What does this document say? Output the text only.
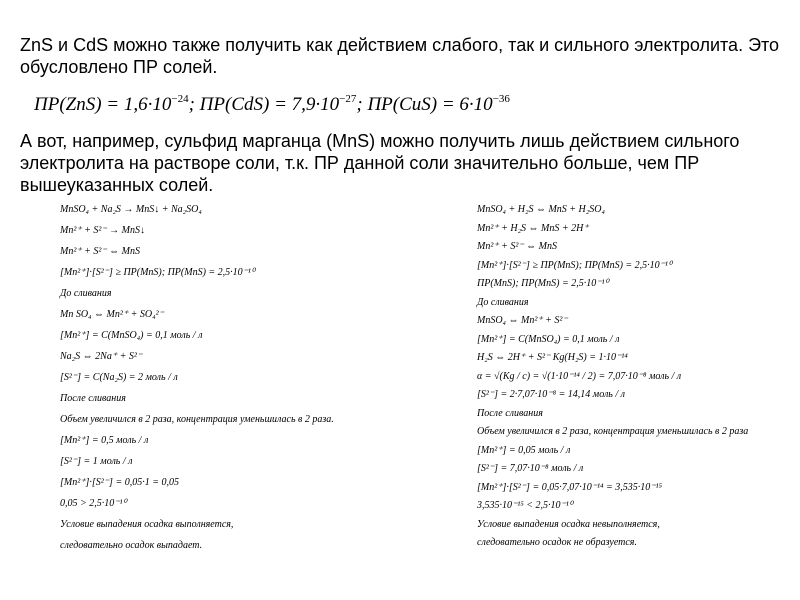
ZnS и CdS можно также получить как действием слабого, так и сильного электролита. Это обусловлено ПР солей.

$ПР(ZnS) = 1,6\cdot 10^{-24}$; $ПР(CdS) = 7,9\cdot 10^{-27}$; $ПР(CuS) = 6\cdot 10^{-36}$

А вот, например, сульфид марганца (MnS) можно получить лишь действием сильного электролита на растворе соли, т.к. ПР данной соли значительно больше, чем ПР вышеуказанных солей.

MnSO₄ + Na₂S → MnS↓ + Na₂SO₄
Mn²⁺ + S²⁻ → MnS↓
Mn²⁺ + S²⁻ ⇔ MnS
[Mn²⁺]·[S²⁻] ≥ ПР(MnS); ПР(MnS) = 2,5·10⁻¹⁰
До сливания
Mn SO₄ ⇔ Mn²⁺ + SO₄²⁻
[Mn²⁺] = C(MnSO₄) = 0,1 моль / л
Na₂S ⇔ 2Na⁺ + S²⁻
[S²⁻] = C(Na₂S) = 2 моль / л
После сливания
Объем увеличился в 2 раза, концентрация уменьшилась в 2 раза.
[Mn²⁺] = 0,5 моль / л
[S²⁻] = 1 моль / л
[Mn²⁺]·[S²⁻] = 0,05·1 = 0,05
0,05 > 2,5·10⁻¹⁰
Условие выпадения осадка выполняется,
следовательно осадок выпадает.
MnSO₄ + H₂S ⇔ MnS + H₂SO₄
Mn²⁺ + H₂S ⇔ MnS + 2H⁺
Mn²⁺ + S²⁻ ⇔ MnS
[Mn²⁺]·[S²⁻] ≥ ПР(MnS); ПР(MnS) = 2,5·10⁻¹⁰
ПР(MnS); ПР(MnS) = 2,5·10⁻¹⁰
До сливания
MnSO₄ ⇔ Mn²⁺ + S²⁻
[Mn²⁺] = C(MnSO₄) = 0,1 моль / л
H₂S ⇔ 2H⁺ + S²⁻ Kg(H₂S) = 1·10⁻¹⁴
α = √(Kg / c) = √(1·10⁻¹⁴ / 2) = 7,07·10⁻⁸ моль / л
[S²⁻] = 2·7,07·10⁻⁸ = 14,14 моль / л
После сливания
Объем увеличился в 2 раза, концентрация уменьшилась в 2 раза
[Mn²⁺] = 0,05 моль / л
[S²⁻] = 7,07·10⁻⁸ моль / л
[Mn²⁺]·[S²⁻] = 0,05·7,07·10⁻¹⁴ = 3,535·10⁻¹⁵
3,535·10⁻¹⁵ < 2,5·10⁻¹⁰
Условие выпадения осадка невыполняется,
следовательно осадок не образуется.
